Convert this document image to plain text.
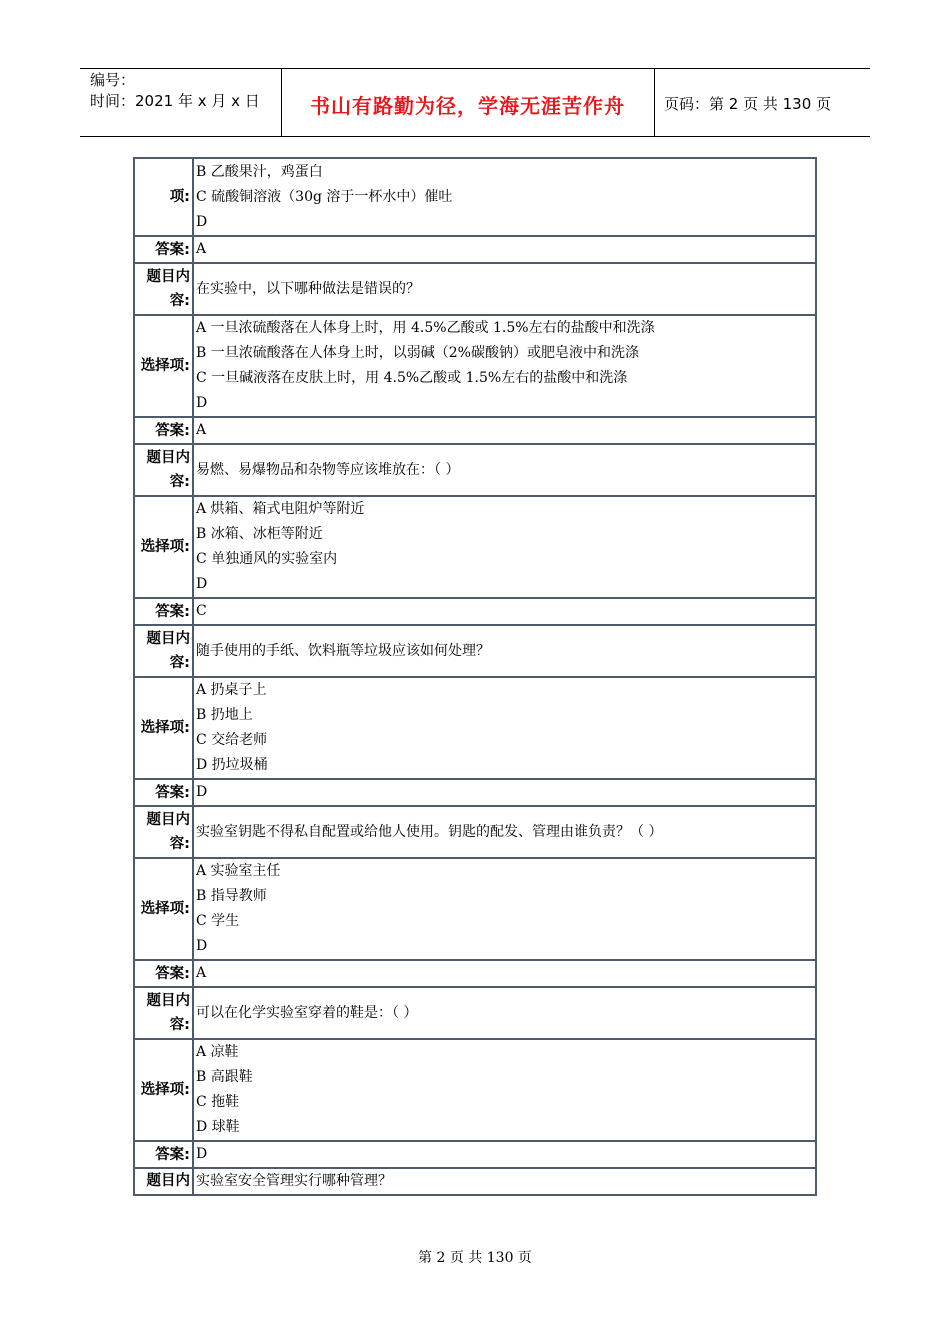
编号：
时间：2021 年 x 月 x 日	书山有路勤为径，学海无涯苦作舟	页码：第 2 页 共 130 页
项:	B 乙酸果汁，鸡蛋白
C 硫酸铜溶液（30g 溶于一杯水中）催吐
D

答案:	A
题目内容:	在实验中，以下哪种做法是错误的？
选择项:	A 一旦浓硫酸落在人体身上时，用 4.5%乙酸或 1.5%左右的盐酸中和洗涤
B 一旦浓硫酸落在人体身上时，以弱碱（2%碳酸钠）或肥皂液中和洗涤
C 一旦碱液落在皮肤上时，用 4.5%乙酸或 1.5%左右的盐酸中和洗涤
D

答案:	A
题目内容:	易燃、易爆物品和杂物等应该堆放在：（ ）
选择项:	A 烘箱、箱式电阻炉等附近
B 冰箱、冰柜等附近
C 单独通风的实验室内
D

答案:	C
题目内容:	随手使用的手纸、饮料瓶等垃圾应该如何处理？
选择项:	A 扔桌子上
B 扔地上
C 交给老师
D 扔垃圾桶

答案:	D
题目内容:	实验室钥匙不得私自配置或给他人使用。钥匙的配发、管理由谁负责？（ ）
选择项:	A 实验室主任
B 指导教师
C 学生
D

答案:	A
题目内容:	可以在化学实验室穿着的鞋是：（ ）
选择项:	A 凉鞋
B 高跟鞋
C 拖鞋
D 球鞋

答案:	D
题目内	实验室安全管理实行哪种管理？
第 2 页 共 130 页
